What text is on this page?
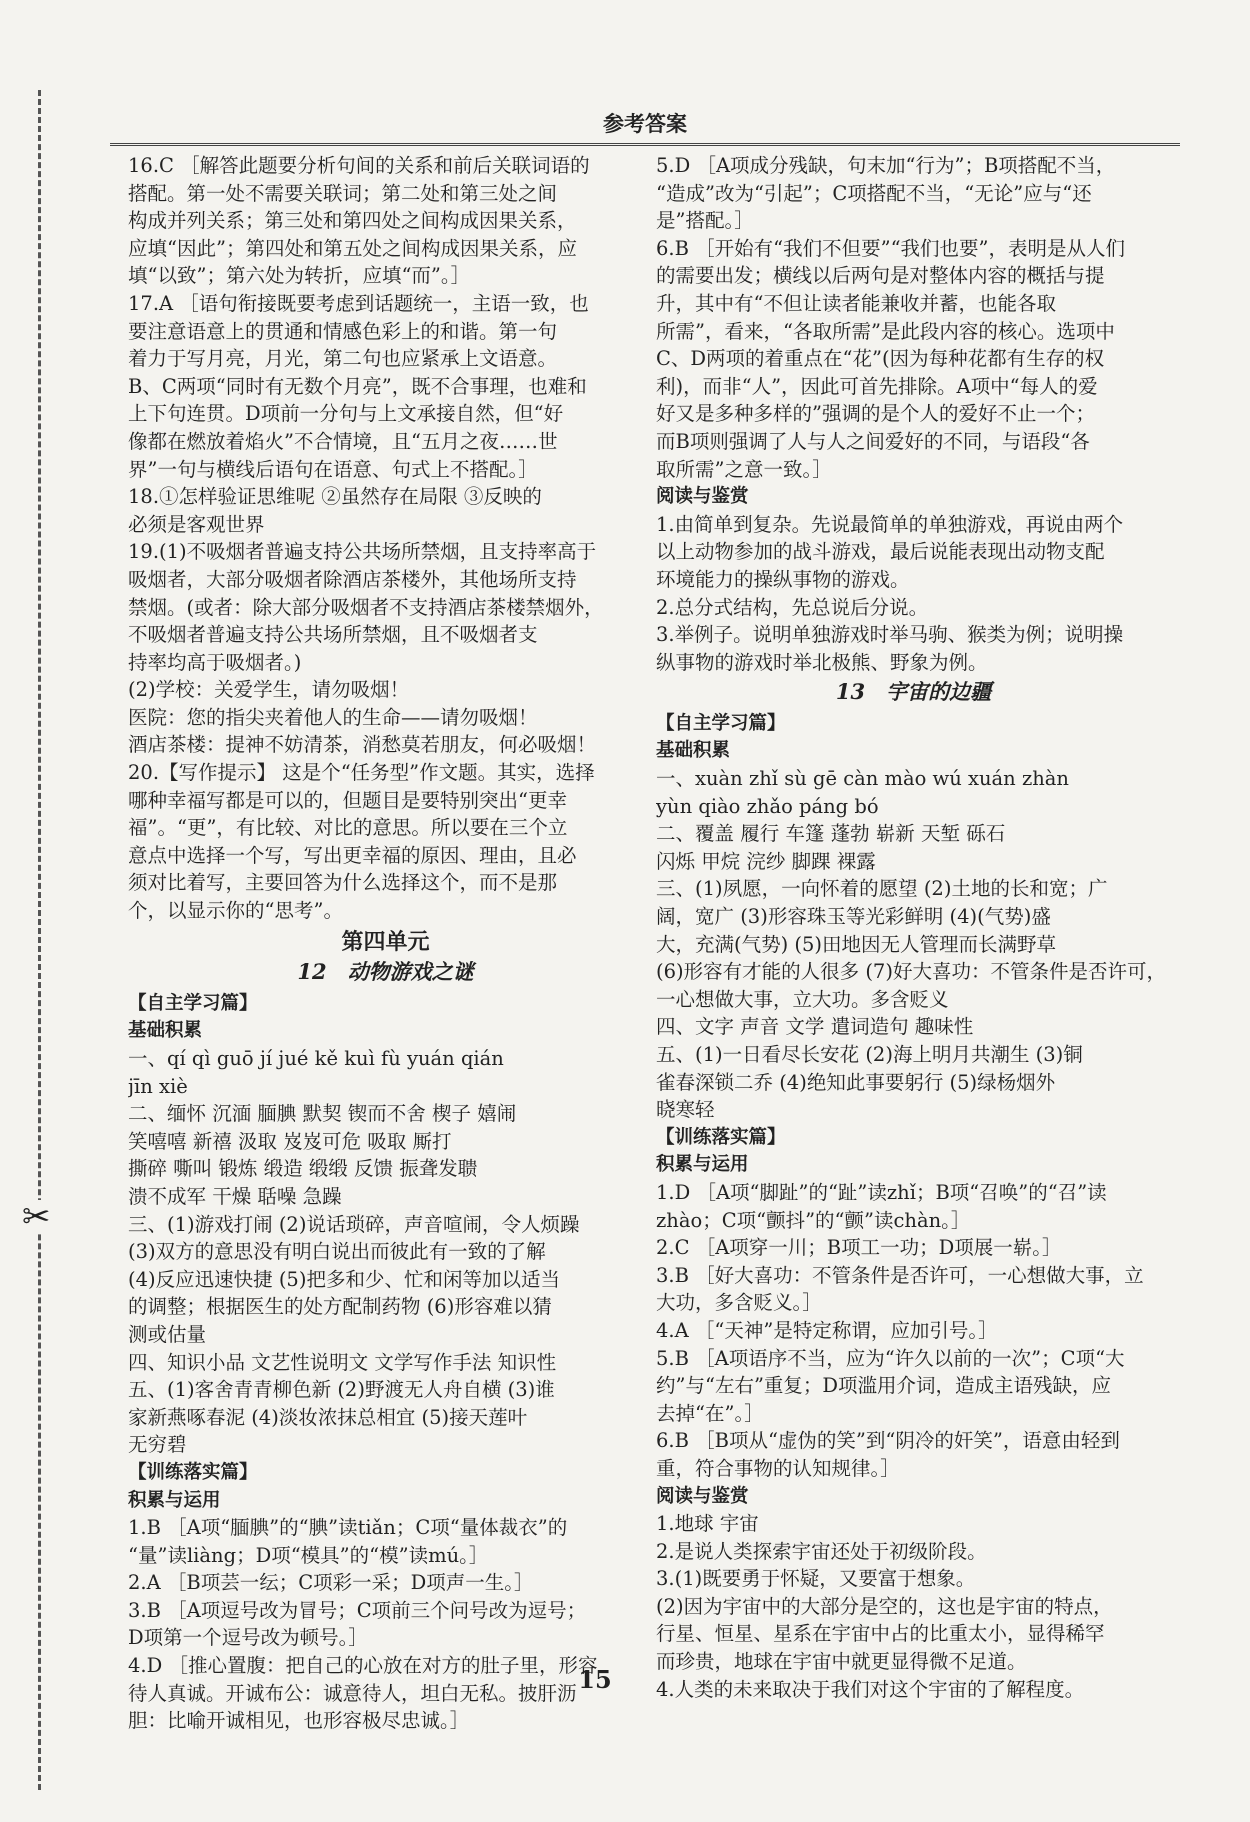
✂
参考答案
16.C ［解答此题要分析句间的关系和前后关联词语的
搭配。第一处不需要关联词；第二处和第三处之间
构成并列关系；第三处和第四处之间构成因果关系，
应填“因此”；第四处和第五处之间构成因果关系，应
填“以致”；第六处为转折，应填“而”。］
17.A ［语句衔接既要考虑到话题统一，主语一致，也
要注意语意上的贯通和情感色彩上的和谐。第一句
着力于写月亮，月光，第二句也应紧承上文语意。
B、C两项“同时有无数个月亮”，既不合事理，也难和
上下句连贯。D项前一分句与上文承接自然，但“好
像都在燃放着焰火”不合情境，且“五月之夜……世
界”一句与横线后语句在语意、句式上不搭配。］
18.①怎样验证思维呢 ②虽然存在局限 ③反映的
必须是客观世界
19.(1)不吸烟者普遍支持公共场所禁烟，且支持率高于
吸烟者，大部分吸烟者除酒店茶楼外，其他场所支持
禁烟。(或者：除大部分吸烟者不支持酒店茶楼禁烟外，
不吸烟者普遍支持公共场所禁烟，且不吸烟者支
持率均高于吸烟者。)
(2)学校：关爱学生，请勿吸烟！
医院：您的指尖夹着他人的生命——请勿吸烟！
酒店茶楼：提神不妨清茶，消愁莫若朋友，何必吸烟！
20.【写作提示】 这是个“任务型”作文题。其实，选择
哪种幸福写都是可以的，但题目是要特别突出“更幸
福”。“更”，有比较、对比的意思。所以要在三个立
意点中选择一个写，写出更幸福的原因、理由，且必
须对比着写，主要回答为什么选择这个，而不是那
个，以显示你的“思考”。
第四单元
12　动物游戏之谜
【自主学习篇】
基础积累
一、qí qì guō jí jué kě kuì fù yuán qián
jīn xiè
二、缅怀 沉湎 腼腆 默契 锲而不舍 楔子 嬉闹
笑嘻嘻 新禧 汲取 岌岌可危 吸取 厮打
撕碎 嘶叫 锻炼 缎造 缎缎 反馈 振聋发聩
溃不成军 干燥 聒噪 急躁
三、(1)游戏打闹 (2)说话琐碎，声音喧闹，令人烦躁
(3)双方的意思没有明白说出而彼此有一致的了解
(4)反应迅速快捷 (5)把多和少、忙和闲等加以适当
的调整；根据医生的处方配制药物 (6)形容难以猜
测或估量
四、知识小品 文艺性说明文 文学写作手法 知识性
五、(1)客舍青青柳色新 (2)野渡无人舟自横 (3)谁
家新燕啄春泥 (4)淡妆浓抹总相宜 (5)接天莲叶
无穷碧
【训练落实篇】
积累与运用
1.B ［A项“腼腆”的“腆”读tiǎn；C项“量体裁衣”的
“量”读liàng；D项“模具”的“模”读mú。］
2.A ［B项芸一纭；C项彩一采；D项声一生。］
3.B ［A项逗号改为冒号；C项前三个问号改为逗号；
D项第一个逗号改为顿号。］
4.D ［推心置腹：把自己的心放在对方的肚子里，形容
待人真诚。开诚布公：诚意待人，坦白无私。披肝沥
胆：比喻开诚相见，也形容极尽忠诚。］
5.D ［A项成分残缺，句末加“行为”；B项搭配不当，
“造成”改为“引起”；C项搭配不当，“无论”应与“还
是”搭配。］
6.B ［开始有“我们不但要”“我们也要”，表明是从人们
的需要出发；横线以后两句是对整体内容的概括与提
升，其中有“不但让读者能兼收并蓄，也能各取
所需”，看来，“各取所需”是此段内容的核心。选项中
C、D两项的着重点在“花”(因为每种花都有生存的权
利)，而非“人”，因此可首先排除。A项中“每人的爱
好又是多种多样的”强调的是个人的爱好不止一个；
而B项则强调了人与人之间爱好的不同，与语段“各
取所需”之意一致。］
阅读与鉴赏
1.由简单到复杂。先说最简单的单独游戏，再说由两个
以上动物参加的战斗游戏，最后说能表现出动物支配
环境能力的操纵事物的游戏。
2.总分式结构，先总说后分说。
3.举例子。说明单独游戏时举马驹、猴类为例；说明操
纵事物的游戏时举北极熊、野象为例。
13　宇宙的边疆
【自主学习篇】
基础积累
一、xuàn zhǐ sù gē càn mào wú xuán zhàn
yùn qiào zhǎo páng bó
二、覆盖 履行 车篷 蓬勃 崭新 天堑 砾石
闪烁 甲烷 浣纱 脚踝 裸露
三、(1)夙愿，一向怀着的愿望 (2)土地的长和宽；广
阔，宽广 (3)形容珠玉等光彩鲜明 (4)(气势)盛
大，充满(气势) (5)田地因无人管理而长满野草
(6)形容有才能的人很多 (7)好大喜功：不管条件是否许可，
一心想做大事，立大功。多含贬义
四、文字 声音 文学 遣词造句 趣味性
五、(1)一日看尽长安花 (2)海上明月共潮生 (3)铜
雀春深锁二乔 (4)绝知此事要躬行 (5)绿杨烟外
晓寒轻
【训练落实篇】
积累与运用
1.D ［A项“脚趾”的“趾”读zhǐ；B项“召唤”的“召”读
zhào；C项“颤抖”的“颤”读chàn。］
2.C ［A项穿一川；B项工一功；D项展一崭。］
3.B ［好大喜功：不管条件是否许可，一心想做大事，立
大功，多含贬义。］
4.A ［“天神”是特定称谓，应加引号。］
5.B ［A项语序不当，应为“许久以前的一次”；C项“大
约”与“左右”重复；D项滥用介词，造成主语残缺，应
去掉“在”。］
6.B ［B项从“虚伪的笑”到“阴冷的奸笑”，语意由轻到
重，符合事物的认知规律。］
阅读与鉴赏
1.地球 宇宙
2.是说人类探索宇宙还处于初级阶段。
3.(1)既要勇于怀疑，又要富于想象。
(2)因为宇宙中的大部分是空的，这也是宇宙的特点，
行星、恒星、星系在宇宙中占的比重太小，显得稀罕
而珍贵，地球在宇宙中就更显得微不足道。
4.人类的未来取决于我们对这个宇宙的了解程度。
15
